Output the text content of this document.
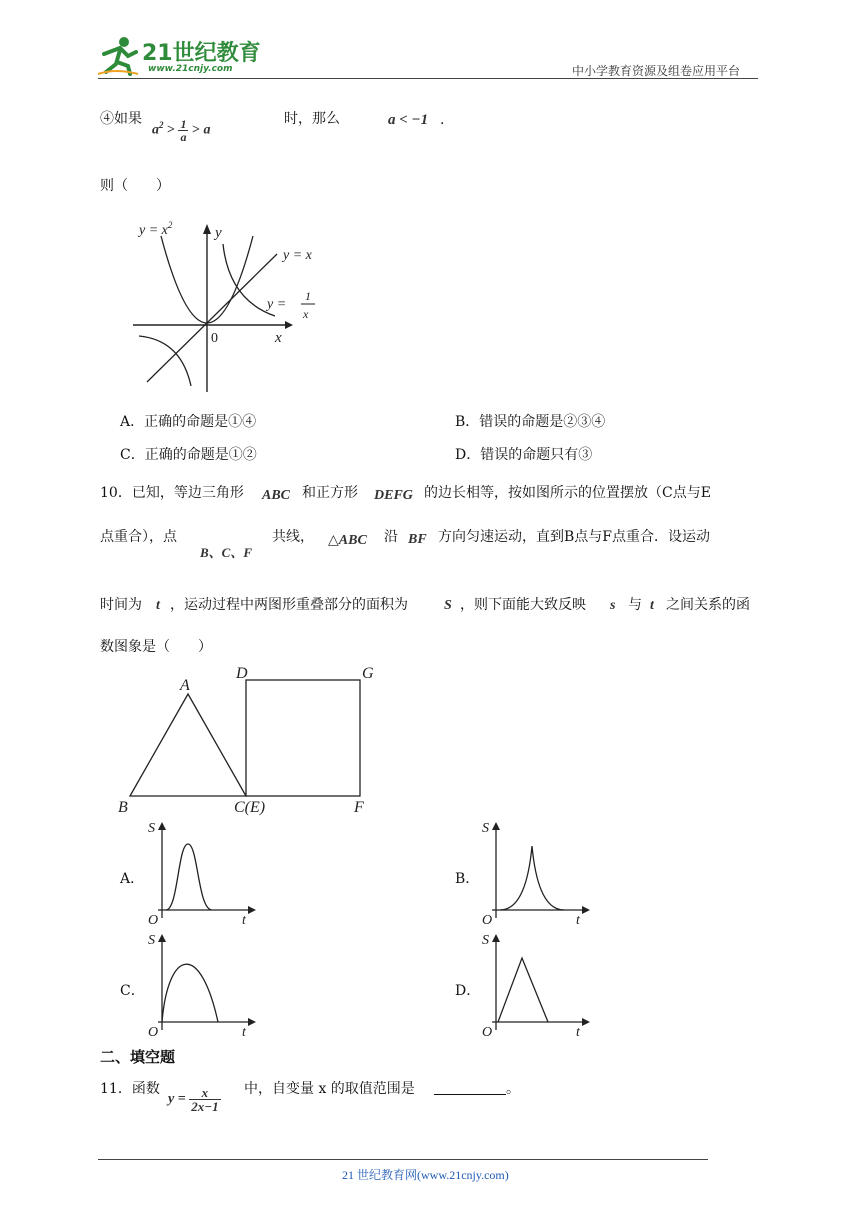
21世纪教育
www.21cnjy.com	中小学教育资源及组卷应用平台
④如果
$a^2 > \frac{1}{a} > a$
时，那么	a < −1 .
则（　　）
$y = x^2$	y
y = x
y =
1
x
0	x
A．正确的命题是①④	B．错误的命题是②③④
C．正确的命题是①②	D．错误的命题只有③
10．已知，等边三角形 ABC 和正方形 DEFG 的边长相等，按如图所示的位置摆放（C点与E
点重合），点
B、C、F
共线， △ABC 沿 BF 方向匀速运动，直到B点与F点重合．设运动
时间为 t ，运动过程中两图形重叠部分的面积为	S ，则下面能大致反映 s 与 t 之间关系的函
数图象是（　　）
A
B	C(E)
D
F
G
A．
S
O	t
B．
S
O	t
C．
S
O	t
D．
S
O	t
二、填空题
11．函数
$y = \frac{x}{2x-1}$ 中，自变量 x 的取值范围是	。
21 世纪教育网(www.21cnjy.com)
